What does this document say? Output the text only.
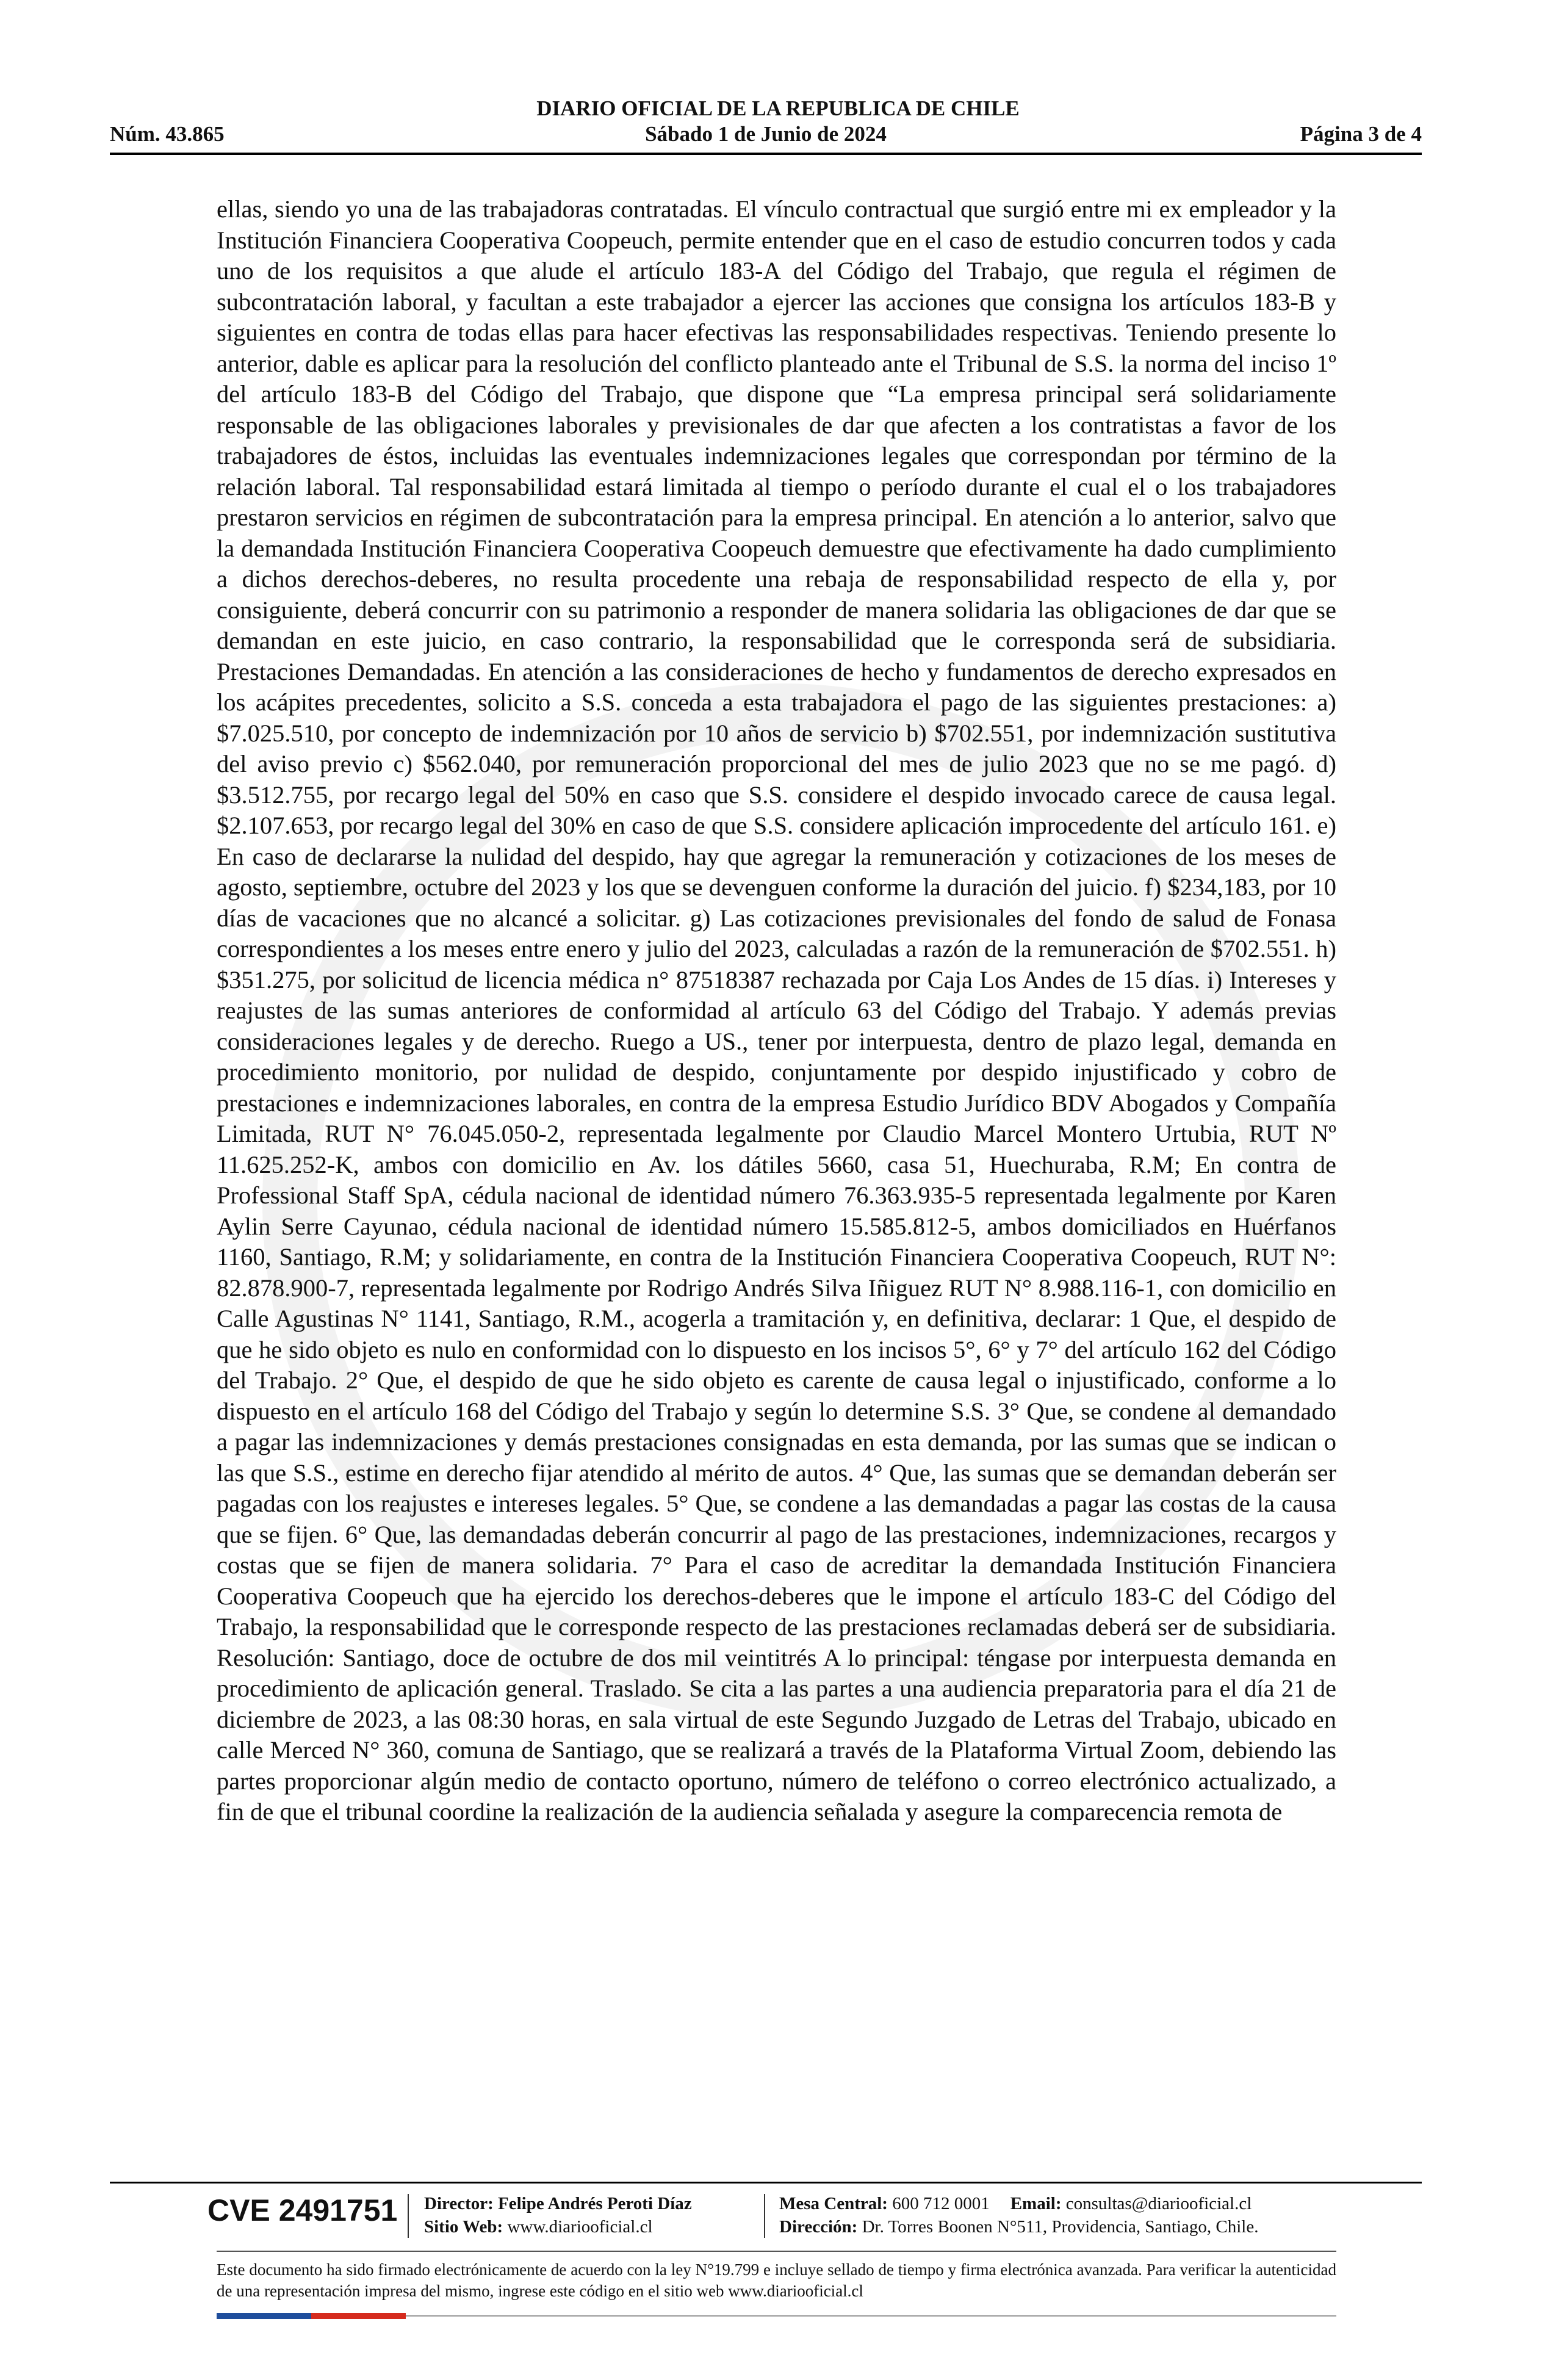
DIARIO OFICIAL DE LA REPUBLICA DE CHILE
Núm. 43.865	Sábado 1 de Junio de 2024	Página 3 de 4

ellas, siendo yo una de las trabajadoras contratadas. El vínculo contractual que surgió entre mi ex empleador y la Institución Financiera Cooperativa Coopeuch, permite entender que en el caso de estudio concurren todos y cada uno de los requisitos a que alude el artículo 183-A del Código del Trabajo, que regula el régimen de subcontratación laboral, y facultan a este trabajador a ejercer las acciones que consigna los artículos 183-B y siguientes en contra de todas ellas para hacer efectivas las responsabilidades respectivas. Teniendo presente lo anterior, dable es aplicar para la resolución del conflicto planteado ante el Tribunal de S.S. la norma del inciso 1º del artículo 183-B del Código del Trabajo, que dispone que “La empresa principal será solidariamente responsable de las obligaciones laborales y previsionales de dar que afecten a los contratistas a favor de los trabajadores de éstos, incluidas las eventuales indemnizaciones legales que correspondan por término de la relación laboral. Tal responsabilidad estará limitada al tiempo o período durante el cual el o los trabajadores prestaron servicios en régimen de subcontratación para la empresa principal. En atención a lo anterior, salvo que la demandada Institución Financiera Cooperativa Coopeuch demuestre que efectivamente ha dado cumplimiento a dichos derechos-deberes, no resulta procedente una rebaja de responsabilidad respecto de ella y, por consiguiente, deberá concurrir con su patrimonio a responder de manera solidaria las obligaciones de dar que se demandan en este juicio, en caso contrario, la responsabilidad que le corresponda será de subsidiaria. Prestaciones Demandadas. En atención a las consideraciones de hecho y fundamentos de derecho expresados en los acápites precedentes, solicito a S.S. conceda a esta trabajadora el pago de las siguientes prestaciones: a) $7.025.510, por concepto de indemnización por 10 años de servicio b) $702.551, por indemnización sustitutiva del aviso previo c) $562.040, por remuneración proporcional del mes de julio 2023 que no se me pagó. d) $3.512.755, por recargo legal del 50% en caso que S.S. considere el despido invocado carece de causa legal. $2.107.653, por recargo legal del 30% en caso de que S.S. considere aplicación improcedente del artículo 161. e) En caso de declararse la nulidad del despido, hay que agregar la remuneración y cotizaciones de los meses de agosto, septiembre, octubre del 2023 y los que se devenguen conforme la duración del juicio. f) $234,183, por 10 días de vacaciones que no alcancé a solicitar. g) Las cotizaciones previsionales del fondo de salud de Fonasa correspondientes a los meses entre enero y julio del 2023, calculadas a razón de la remuneración de $702.551. h) $351.275, por solicitud de licencia médica n° 87518387 rechazada por Caja Los Andes de 15 días. i) Intereses y reajustes de las sumas anteriores de conformidad al artículo 63 del Código del Trabajo. Y además previas consideraciones legales y de derecho. Ruego a US., tener por interpuesta, dentro de plazo legal, demanda en procedimiento monitorio, por nulidad de despido, conjuntamente por despido injustificado y cobro de prestaciones e indemnizaciones laborales, en contra de la empresa Estudio Jurídico BDV Abogados y Compañía Limitada, RUT N° 76.045.050-2, representada legalmente por Claudio Marcel Montero Urtubia, RUT Nº 11.625.252-K, ambos con domicilio en Av. los dátiles 5660, casa 51, Huechuraba, R.M; En contra de Professional Staff SpA, cédula nacional de identidad número 76.363.935-5 representada legalmente por Karen Aylin Serre Cayunao, cédula nacional de identidad número 15.585.812-5, ambos domiciliados en Huérfanos 1160, Santiago, R.M; y solidariamente, en contra de la Institución Financiera Cooperativa Coopeuch, RUT N°: 82.878.900-7, representada legalmente por Rodrigo Andrés Silva Iñiguez RUT N° 8.988.116-1, con domicilio en Calle Agustinas N° 1141, Santiago, R.M., acogerla a tramitación y, en definitiva, declarar: 1 Que, el despido de que he sido objeto es nulo en conformidad con lo dispuesto en los incisos 5°, 6° y 7° del artículo 162 del Código del Trabajo. 2° Que, el despido de que he sido objeto es carente de causa legal o injustificado, conforme a lo dispuesto en el artículo 168 del Código del Trabajo y según lo determine S.S. 3° Que, se condene al demandado a pagar las indemnizaciones y demás prestaciones consignadas en esta demanda, por las sumas que se indican o las que S.S., estime en derecho fijar atendido al mérito de autos. 4° Que, las sumas que se demandan deberán ser pagadas con los reajustes e intereses legales. 5° Que, se condene a las demandadas a pagar las costas de la causa que se fijen. 6° Que, las demandadas deberán concurrir al pago de las prestaciones, indemnizaciones, recargos y costas que se fijen de manera solidaria. 7° Para el caso de acreditar la demandada Institución Financiera Cooperativa Coopeuch que ha ejercido los derechos-deberes que le impone el artículo 183-C del Código del Trabajo, la responsabilidad que le corresponde respecto de las prestaciones reclamadas deberá ser de subsidiaria. Resolución: Santiago, doce de octubre de dos mil veintitrés A lo principal: téngase por interpuesta demanda en procedimiento de aplicación general. Traslado. Se cita a las partes a una audiencia preparatoria para el día 21 de diciembre de 2023, a las 08:30 horas, en sala virtual de este Segundo Juzgado de Letras del Trabajo, ubicado en calle Merced N° 360, comuna de Santiago, que se realizará a través de la Plataforma Virtual Zoom, debiendo las partes proporcionar algún medio de contacto oportuno, número de teléfono o correo electrónico actualizado, a fin de que el tribunal coordine la realización de la audiencia señalada y asegure la comparecencia remota de

CVE 2491751 Director: Felipe Andrés Peroti Díaz
Sitio Web: www.diariooficial.cl
Mesa Central: 600 712 0001 Email: consultas@diariooficial.cl
Dirección: Dr. Torres Boonen N°511, Providencia, Santiago, Chile.
Este documento ha sido firmado electrónicamente de acuerdo con la ley N°19.799 e incluye sellado de tiempo y firma electrónica avanzada. Para verificar la autenticidad de una representación impresa del mismo, ingrese este código en el sitio web www.diariooficial.cl
